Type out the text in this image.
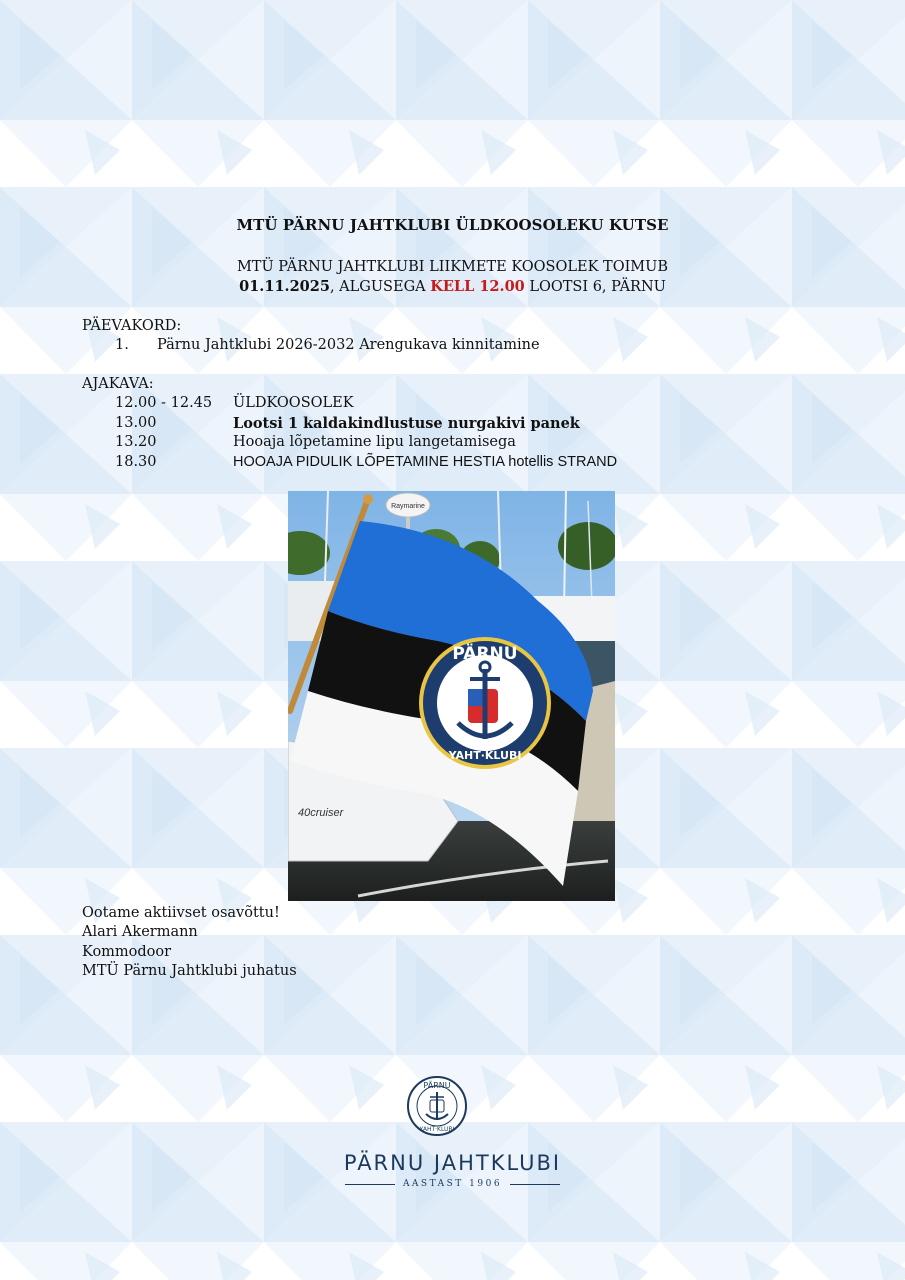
MTÜ PÄRNU JAHTKLUBI ÜLDKOOSOLEKU KUTSE
MTÜ PÄRNU JAHTKLUBI LIIKMETE KOOSOLEK TOIMUB
01.11.2025, ALGUSEGA KELL 12.00 LOOTSI 6, PÄRNU
PÄEVAKORD:
1. Pärnu Jahtklubi 2026-2032 Arengukava kinnitamine
AJAKAVA:
12.00 - 12.45	ÜLDKOOSOLEK
13.00	Lootsi 1 kaldakindlustuse nurgakivi panek
13.20	Hooaja lõpetamine lipu langetamisega
18.30	HOOAJA PIDULIK LÕPETAMINE HESTIA hotellis STRAND
Raymarine
40cruiser
PÄRNU
YAHT·KLUBI
Ootame aktiivset osavõttu!
Alari Akermann
Kommodoor
MTÜ Pärnu Jahtklubi juhatus
PÄRNU
YAHT·KLUBI
PÄRNU JAHTKLUBI
AASTAST 1906
